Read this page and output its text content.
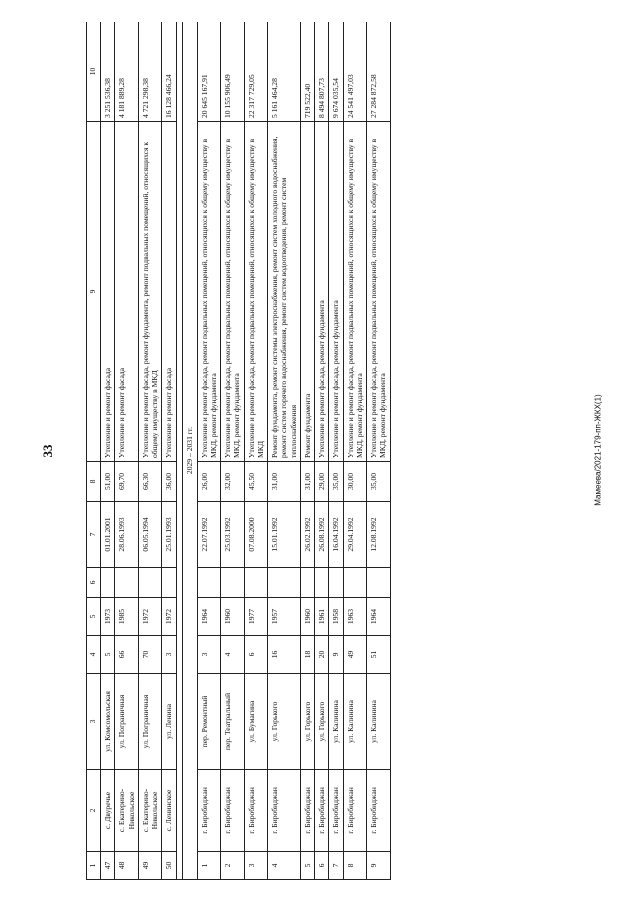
33	Мамеева/2021-179-пп-ЖКХ(1)
1	2	3	4	5	6	7	8	9	10
47	с. Двуречье	ул. Комсомольская	5	1973		01.01.2001	51,00	Утепление и ремонт фасада	3 251 536,38
48	с. Екатерино-Никольское	ул. Пограничная	66	1985		28.06.1993	69,70	Утепление и ремонт фасада	4 181 889,28
49	с. Екатерино-Никольское	ул. Пограничная	70	1972		06.05.1994	66,30	Утепление и ремонт фасада, ремонт фундамента, ремонт подвальных помещений, относящихся к общему имуществу в МКД	4 721 298,38
50	с. Ленинское	ул. Ленина	3	1972		25.01.1993	36,00	Утепление и ремонт фасада	16 128 466,24

2029 – 2031 гг.									
1	г. Биробиджан	пер. Ремонтный	3	1964		22.07.1992	26,00	Утепление и ремонт фасада, ремонт подвальных помещений, относящихся к общему имуществу в МКД, ремонт фундамента	20 645 167,91
2	г. Биробиджан	пер. Театральный	4	1960		25.03.1992	32,00	Утепление и ремонт фасада, ремонт подвальных помещений, относящихся к общему имуществу в МКД, ремонт фундамента	10 155 906,49
3	г. Биробиджан	ул. Бумагина	6	1977		07.08.2000	45,50	Утепление и ремонт фасада, ремонт подвальных помещений, относящихся к общему имуществу в МКД	22 317 729,05
4	г. Биробиджан	ул. Горького	16	1957		15.01.1992	31,00	Ремонт фундамента, ремонт системы электроснабжения, ремонт систем холодного водоснабжения, ремонт систем горячего водоснабжения, ремонт систем водоотведения, ремонт систем теплоснабжения	5 161 464,28
5	г. Биробиджан	ул. Горького	18	1960		26.02.1992	31,00	Ремонт фундамента	719 522,40
6	г. Биробиджан	ул. Горького	20	1961		26.08.1992	29,00	Утепление и ремонт фасада, ремонт фундамента	8 494 807,73
7	г. Биробиджан	ул. Калинина	9	1958		16.04.1992	35,00	Утепление и ремонт фасада, ремонт фундамента	9 674 035,54
8	г. Биробиджан	ул. Калинина	49	1963		29.04.1992	30,00	Утепление и ремонт фасада, ремонт подвальных помещений, относящихся к общему имуществу в МКД, ремонт фундамента	24 541 497,03
9	г. Биробиджан	ул. Калинина	51	1964		12.08.1992	35,00	Утепление и ремонт фасада, ремонт подвальных помещений, относящихся к общему имуществу в МКД, ремонт фундамента	27 284 872,58
